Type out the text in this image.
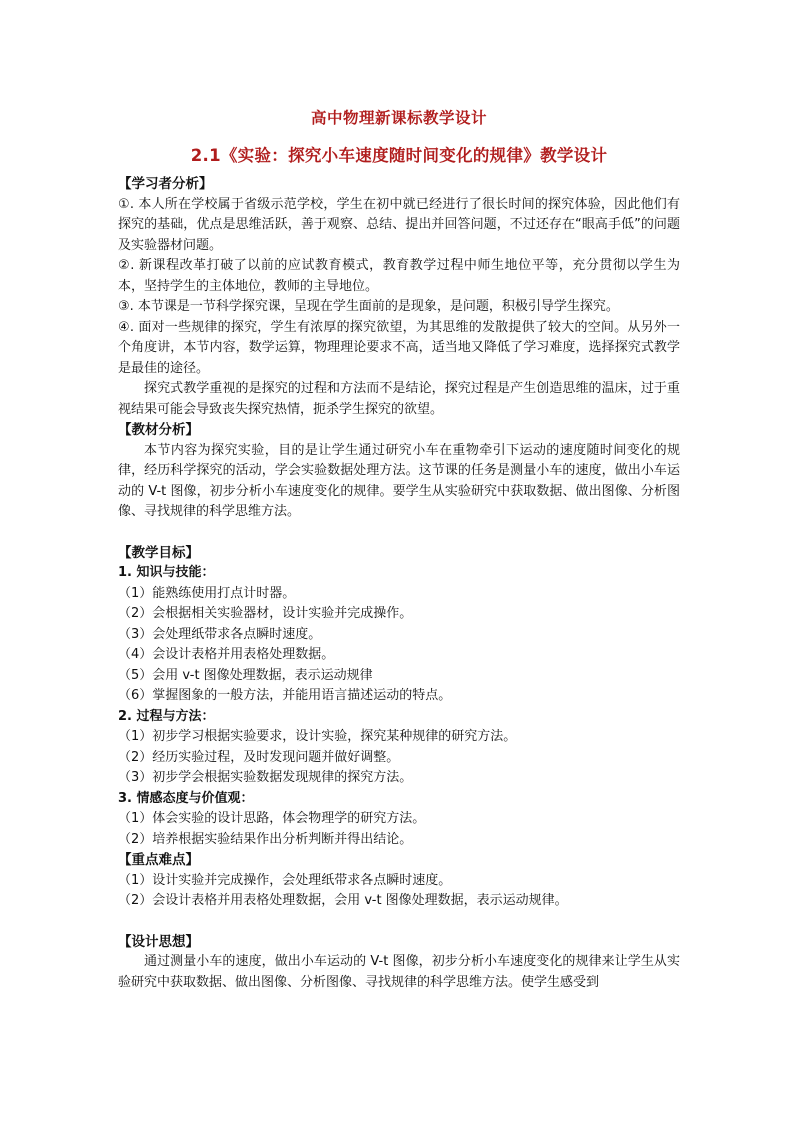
高中物理新课标教学设计
2.1《实验：探究小车速度随时间变化的规律》教学设计
【学习者分析】

①. 本人所在学校属于省级示范学校，学生在初中就已经进行了很长时间的探究体验，因此他们有探究的基础，优点是思维活跃，善于观察、总结、提出并回答问题，不过还存在“眼高手低”的问题及实验器材问题。

②. 新课程改革打破了以前的应试教育模式，教育教学过程中师生地位平等，充分贯彻以学生为本，坚持学生的主体地位，教师的主导地位。

③. 本节课是一节科学探究课，呈现在学生面前的是现象，是问题，积极引导学生探究。

④. 面对一些规律的探究，学生有浓厚的探究欲望，为其思维的发散提供了较大的空间。从另外一个角度讲，本节内容，数学运算，物理理论要求不高，适当地又降低了学习难度，选择探究式教学是最佳的途径。

探究式教学重视的是探究的过程和方法而不是结论，探究过程是产生创造思维的温床，过于重视结果可能会导致丧失探究热情，扼杀学生探究的欲望。

【教材分析】

本节内容为探究实验，目的是让学生通过研究小车在重物牵引下运动的速度随时间变化的规律，经历科学探究的活动，学会实验数据处理方法。这节课的任务是测量小车的速度，做出小车运动的 V-t 图像，初步分析小车速度变化的规律。要学生从实验研究中获取数据、做出图像、分析图像、寻找规律的科学思维方法。

【教学目标】
1. 知识与技能：

（1）能熟练使用打点计时器。

（2）会根据相关实验器材，设计实验并完成操作。

（3）会处理纸带求各点瞬时速度。

（4）会设计表格并用表格处理数据。

（5）会用 v-t 图像处理数据，表示运动规律

（6）掌握图象的一般方法，并能用语言描述运动的特点。

2. 过程与方法：

（1）初步学习根据实验要求，设计实验，探究某种规律的研究方法。

（2）经历实验过程，及时发现问题并做好调整。

（3）初步学会根据实验数据发现规律的探究方法。

3. 情感态度与价值观：

（1）体会实验的设计思路，体会物理学的研究方法。

（2）培养根据实验结果作出分析判断并得出结论。

【重点难点】

（1）设计实验并完成操作，会处理纸带求各点瞬时速度。

（2）会设计表格并用表格处理数据，会用 v-t 图像处理数据，表示运动规律。

【设计思想】

通过测量小车的速度，做出小车运动的 V-t 图像，初步分析小车速度变化的规律来让学生从实验研究中获取数据、做出图像、分析图像、寻找规律的科学思维方法。使学生感受到
